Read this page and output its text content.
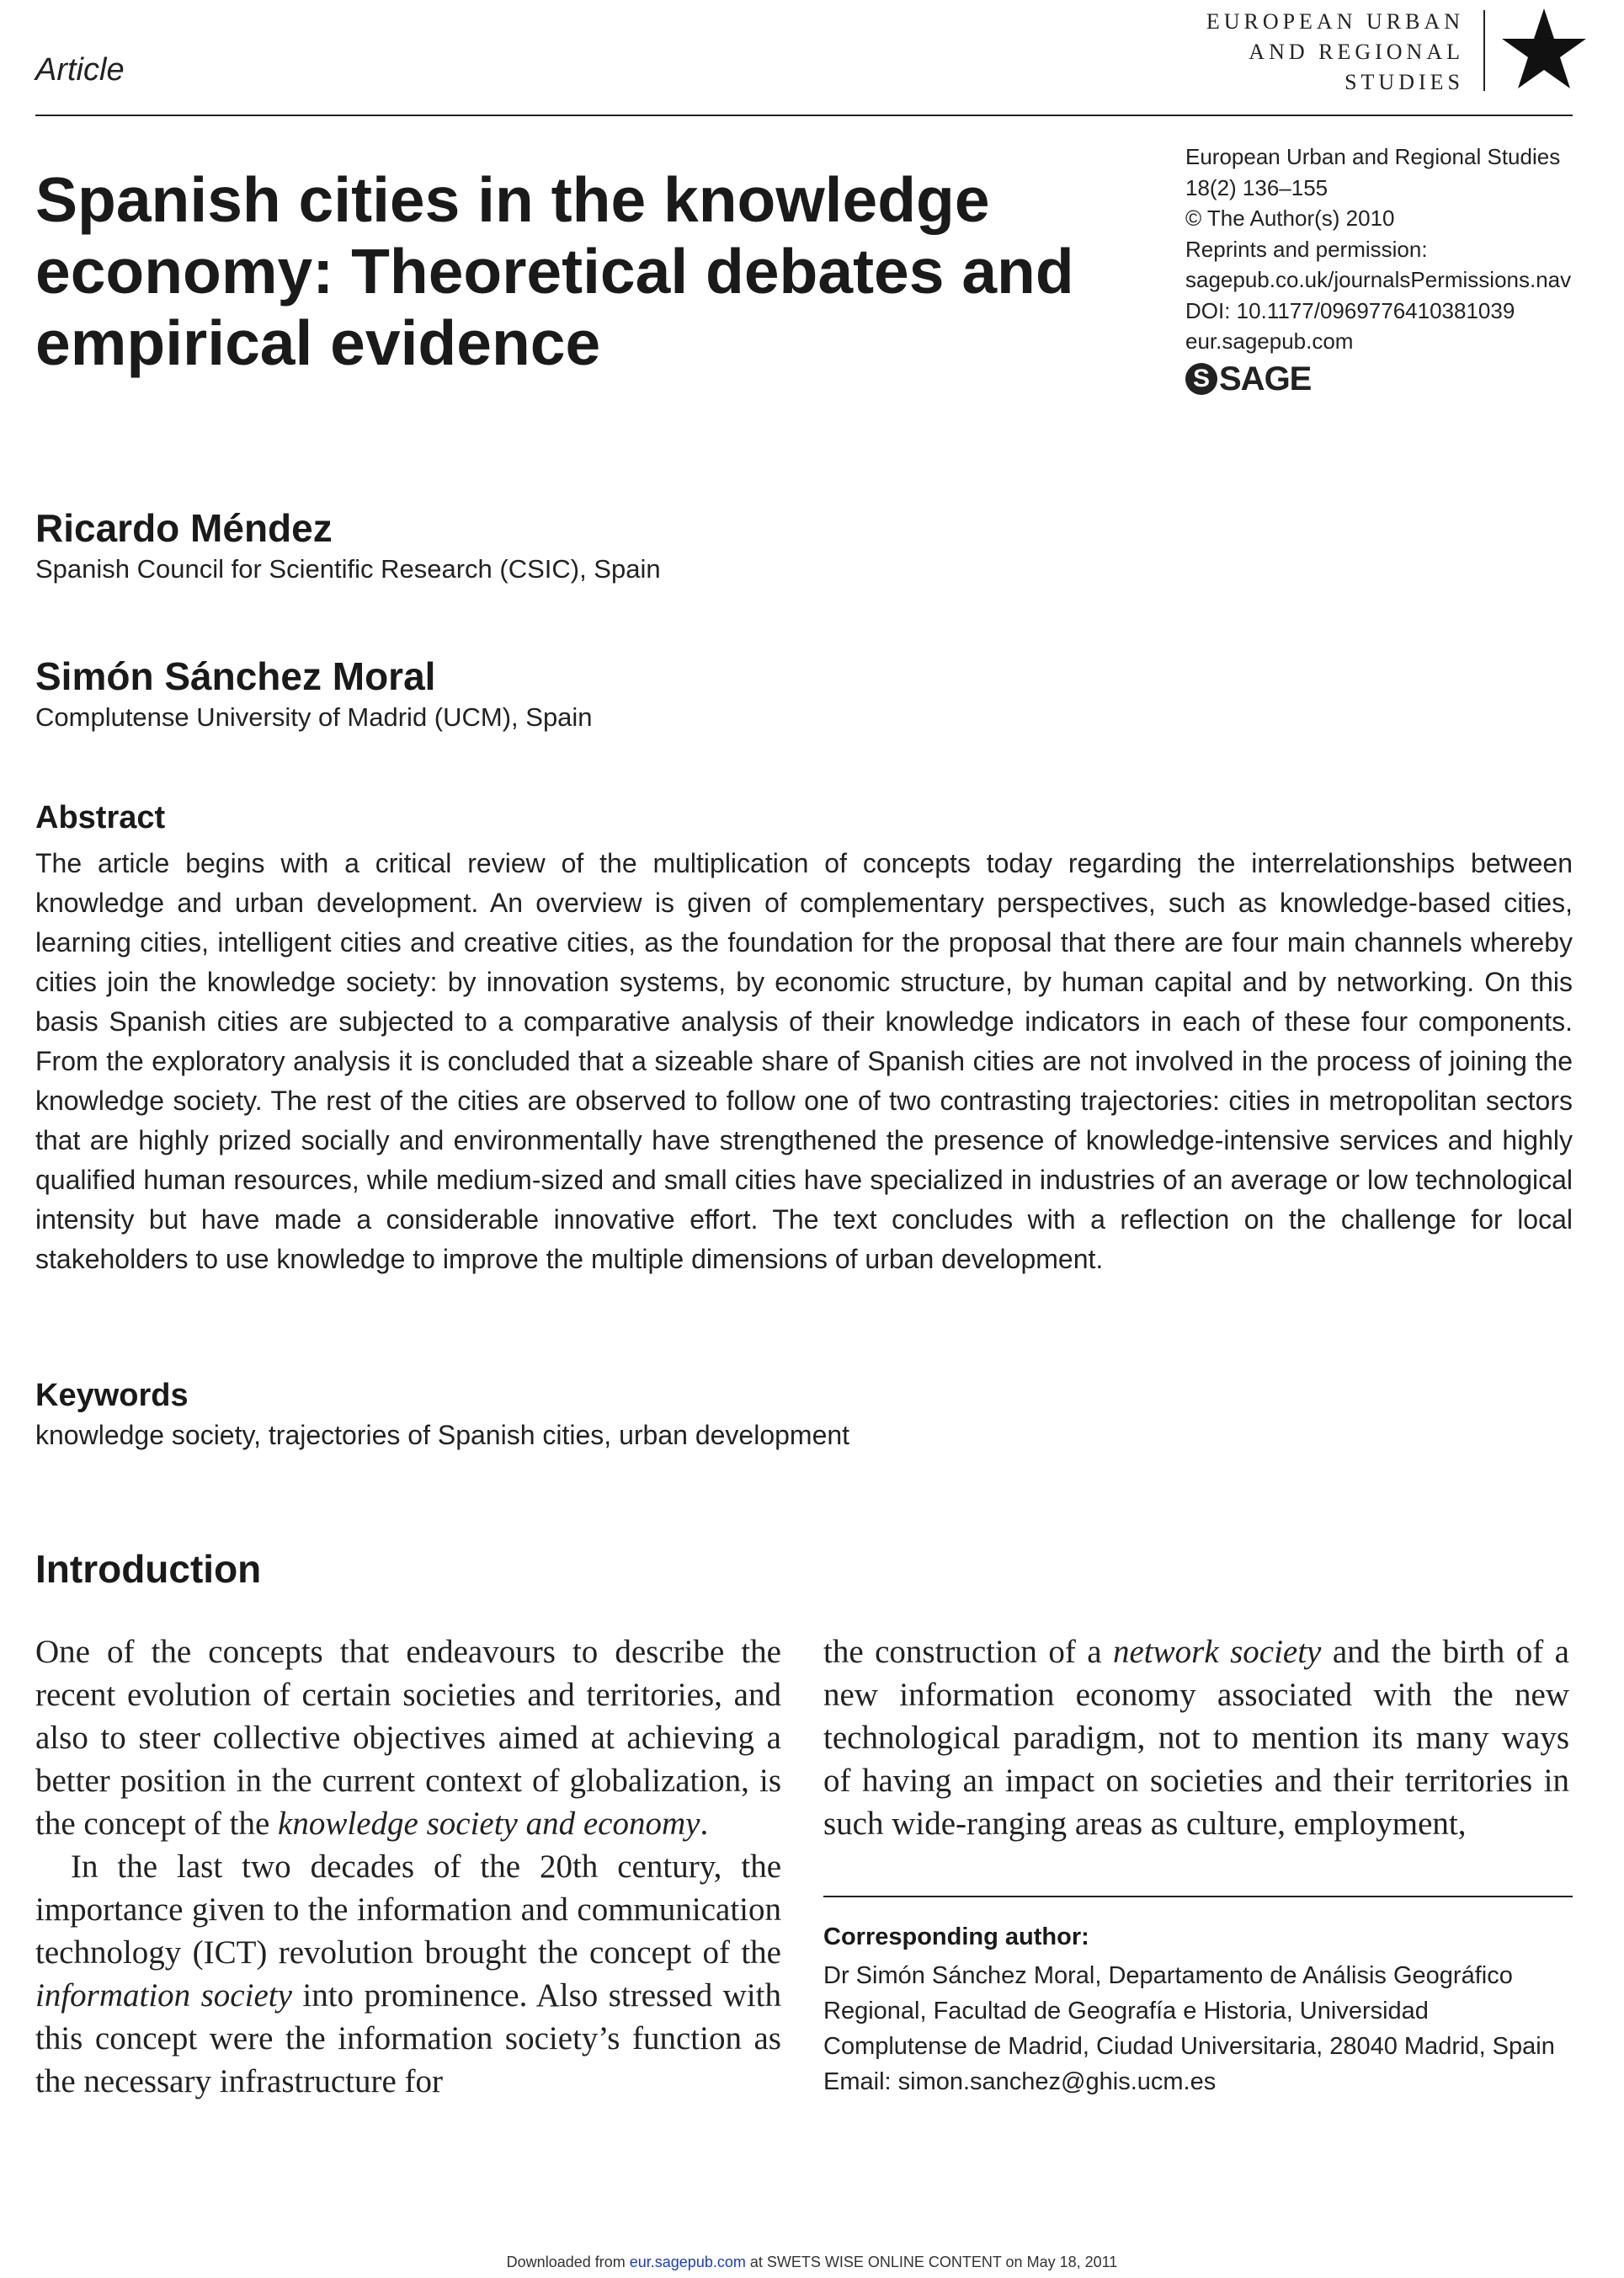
Article
EUROPEAN URBAN
AND REGIONAL
STUDIES
Spanish cities in the knowledge economy: Theoretical debates and empirical evidence
European Urban and Regional Studies
18(2) 136–155
© The Author(s) 2010
Reprints and permission:
sagepub.co.uk/journalsPermissions.nav
DOI: 10.1177/0969776410381039
eur.sagepub.com
S SAGE
Ricardo Méndez
Spanish Council for Scientific Research (CSIC), Spain
Simón Sánchez Moral
Complutense University of Madrid (UCM), Spain
Abstract
The article begins with a critical review of the multiplication of concepts today regarding the interrelationships between knowledge and urban development. An overview is given of complementary perspectives, such as knowledge-based cities, learning cities, intelligent cities and creative cities, as the foundation for the proposal that there are four main channels whereby cities join the knowledge society: by innovation systems, by economic structure, by human capital and by networking. On this basis Spanish cities are subjected to a comparative analysis of their knowledge indicators in each of these four components. From the exploratory analysis it is concluded that a sizeable share of Spanish cities are not involved in the process of joining the knowledge society. The rest of the cities are observed to follow one of two contrasting trajectories: cities in metropolitan sectors that are highly prized socially and environmentally have strengthened the presence of knowledge-intensive services and highly qualified human resources, while medium-sized and small cities have specialized in industries of an average or low technological intensity but have made a considerable innovative effort. The text concludes with a reflection on the challenge for local stakeholders to use knowledge to improve the multiple dimensions of urban development.
Keywords
knowledge society, trajectories of Spanish cities, urban development
Introduction

One of the concepts that endeavours to describe the recent evolution of certain societies and territories, and also to steer collective objectives aimed at achieving a better position in the current context of globalization, is the concept of the knowledge society and economy.

In the last two decades of the 20th century, the importance given to the information and communication technology (ICT) revolution brought the concept of the information society into prominence. Also stressed with this concept were the information society’s function as the necessary infrastructure for

the construction of a network society and the birth of a new information economy associated with the new technological paradigm, not to mention its many ways of having an impact on societies and their territories in such wide-ranging areas as culture, employment,

Corresponding author:
Dr Simón Sánchez Moral, Departamento de Análisis Geográfico
Regional, Facultad de Geografía e Historia, Universidad
Complutense de Madrid, Ciudad Universitaria, 28040 Madrid, Spain
Email: simon.sanchez@ghis.ucm.es
Downloaded from eur.sagepub.com at SWETS WISE ONLINE CONTENT on May 18, 2011
